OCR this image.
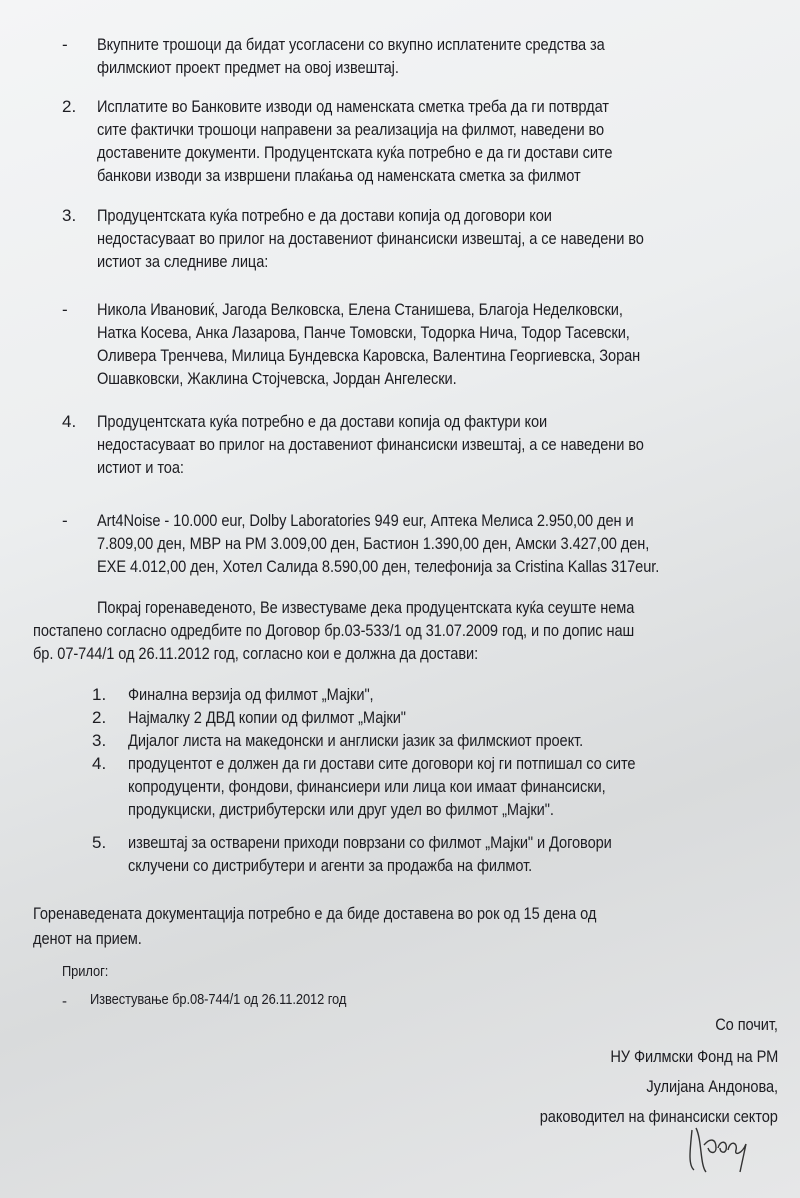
- Вкупните трошоци да бидат усогласени со вкупно исплатените средства за
филмскиот проект предмет на овој извештај.
2. Исплатите во Банковите изводи од наменската сметка треба да ги потврдат
сите фактички трошоци направени за реализација на филмот, наведени во
доставените документи. Продуцентската куќа потребно е да ги достави сите
банкови изводи за извршени плаќања од наменската сметка за филмот
3. Продуцентската куќа потребно е да достави копија од договори кои
недостасуваат во прилог на доставениот финансиски извештај, а се наведени во
истиот за следниве лица:
- Никола Ивановиќ, Јагода Велковска, Елена Станишева, Благоја Неделковски,
Натка Косева, Анка Лазарова, Панче Томовски, Тодорка Нича, Тодор Тасевски,
Оливера Тренчева, Милица Бундевска Каровска, Валентина Георгиевска, Зоран
Ошавковски, Жаклина Стојчевска, Јордан Ангелески.
4. Продуцентската куќа потребно е да достави копија од фактури кои
недостасуваат во прилог на доставениот финансиски извештај, а се наведени во
истиот и тоа:
- Art4Noise - 10.000 eur, Dolby Laboratories 949 eur, Аптека Мелиса 2.950,00 ден и
7.809,00 ден, МВР на РМ 3.009,00 ден, Бастион 1.390,00 ден, Амски 3.427,00 ден,
EXE 4.012,00 ден, Хотел Салида 8.590,00 ден, телефонија за Cristina Kallas 317eur.
Покрај горенаведеното, Ве известуваме дека продуцентската куќа сеуште нема
постапено согласно одредбите по Договор бр.03-533/1 од 31.07.2009 год, и по допис наш
бр. 07-744/1 од 26.11.2012 год, согласно кои е должна да достави:
1. Финална верзија од филмот „Мајки",
2. Најмалку 2 ДВД копии од филмот „Мајки"
3. Дијалог листа на македонски и англиски јазик за филмскиот проект.
4. продуцентот е должен да ги достави сите договори кој ги потпишал со сите
копродуценти, фондови, финансиери или лица кои имаат финансиски,
продукциски, дистрибутерски или друг удел во филмот „Мајки".
5. извештај за остварени приходи поврзани со филмот „Мајки" и Договори
склучени со дистрибутери и агенти за продажба на филмот.
Горенаведената документација потребно е да биде доставена во рок од 15 дена од
денот на прием.
Прилог:
- Известување бр.08-744/1 од 26.11.2012 год
Со почит,
НУ Филмски Фонд на РМ
Јулијана Андонова,
раководител на финансиски сектор
